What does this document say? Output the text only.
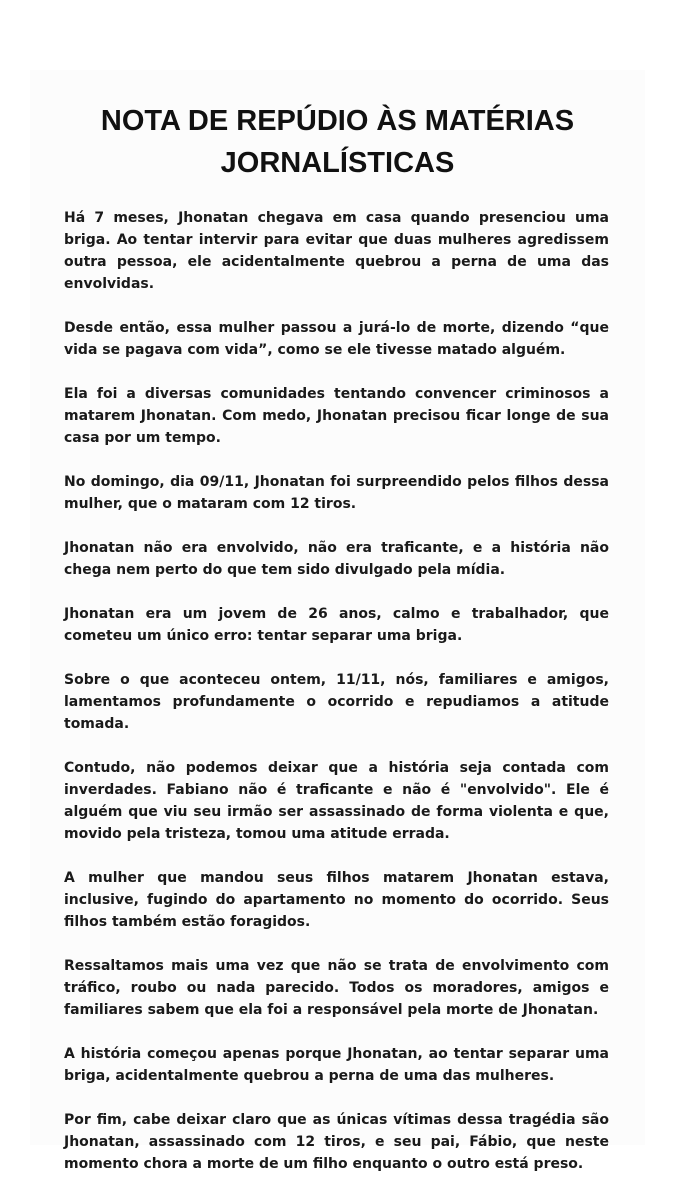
NOTA DE REPÚDIO ÀS MATÉRIAS
JORNALÍSTICAS

Há 7 meses, Jhonatan chegava em casa quando presenciou uma briga. Ao tentar intervir para evitar que duas mulheres agredissem outra pessoa, ele acidentalmente quebrou a perna de uma das envolvidas.

Desde então, essa mulher passou a jurá-lo de morte, dizendo “que vida se pagava com vida”, como se ele tivesse matado alguém.

Ela foi a diversas comunidades tentando convencer criminosos a matarem Jhonatan. Com medo, Jhonatan precisou ficar longe de sua casa por um tempo.

No domingo, dia 09/11, Jhonatan foi surpreendido pelos filhos dessa mulher, que o mataram com 12 tiros.

Jhonatan não era envolvido, não era traficante, e a história não chega nem perto do que tem sido divulgado pela mídia.

Jhonatan era um jovem de 26 anos, calmo e trabalhador, que cometeu um único erro: tentar separar uma briga.

Sobre o que aconteceu ontem, 11/11, nós, familiares e amigos, lamentamos profundamente o ocorrido e repudiamos a atitude tomada.

Contudo, não podemos deixar que a história seja contada com inverdades. Fabiano não é traficante e não é "envolvido". Ele é alguém que viu seu irmão ser assassinado de forma violenta e que, movido pela tristeza, tomou uma atitude errada.

A mulher que mandou seus filhos matarem Jhonatan estava, inclusive, fugindo do apartamento no momento do ocorrido. Seus filhos também estão foragidos.

Ressaltamos mais uma vez que não se trata de envolvimento com tráfico, roubo ou nada parecido. Todos os moradores, amigos e familiares sabem que ela foi a responsável pela morte de Jhonatan.

A história começou apenas porque Jhonatan, ao tentar separar uma briga, acidentalmente quebrou a perna de uma das mulheres.

Por fim, cabe deixar claro que as únicas vítimas dessa tragédia são Jhonatan, assassinado com 12 tiros, e seu pai, Fábio, que neste momento chora a morte de um filho enquanto o outro está preso.
